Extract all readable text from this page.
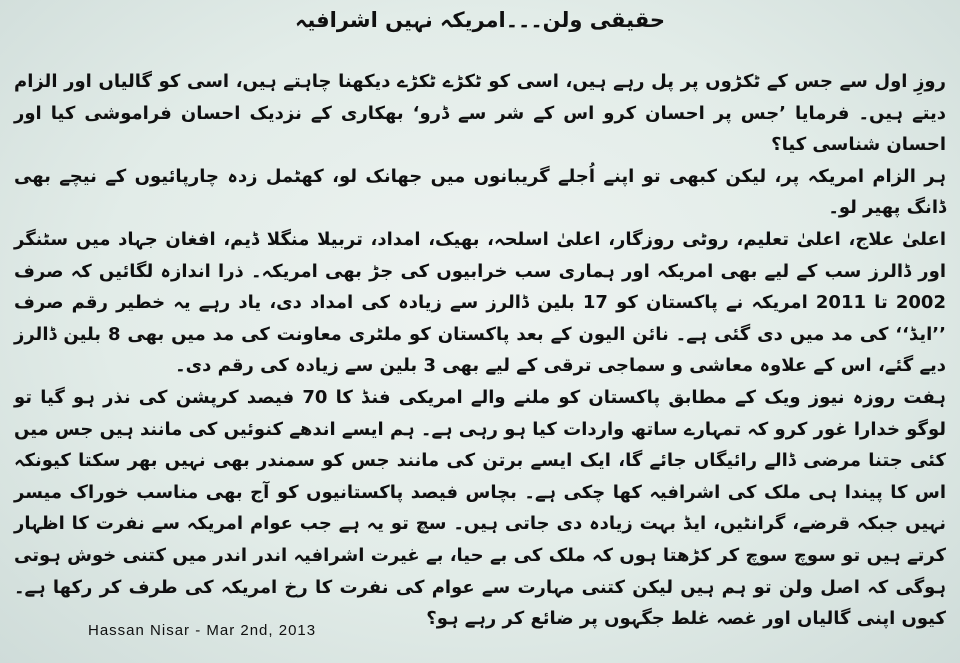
حقیقی ولن۔۔۔امریکہ نہیں اشرافیہ

روزِ اول سے جس کے ٹکڑوں پر پل رہے ہیں، اسی کو ٹکڑے ٹکڑے دیکھنا چاہتے ہیں، اسی کو گالیاں اور الزام دیتے ہیں۔ فرمایا ’جس پر احسان کرو اس کے شر سے ڈرو‘ بھکاری کے نزدیک احسان فراموشی کیا اور احسان شناسی کیا؟

ہر الزام امریکہ پر، لیکن کبھی تو اپنے اُجلے گریبانوں میں جھانک لو، کھٹمل زدہ چارپائیوں کے نیچے بھی ڈانگ پھیر لو۔

اعلیٰ علاج، اعلیٰ تعلیم، روٹی روزگار، اعلیٰ اسلحہ، بھیک، امداد، تربیلا منگلا ڈیم، افغان جہاد میں سٹنگر اور ڈالرز سب کے لیے بھی امریکہ اور ہماری سب خرابیوں کی جڑ بھی امریکہ۔ ذرا اندازہ لگائیں کہ صرف 2002 تا 2011 امریکہ نے پاکستان کو 17 بلین ڈالرز سے زیادہ کی امداد دی، یاد رہے یہ خطیر رقم صرف ’’ایڈ‘‘ کی مد میں دی گئی ہے۔ نائن الیون کے بعد پاکستان کو ملٹری معاونت کی مد میں بھی 8 بلین ڈالرز دیے گئے، اس کے علاوہ معاشی و سماجی ترقی کے لیے بھی 3 بلین سے زیادہ کی رقم دی۔

ہفت روزہ نیوز ویک کے مطابق پاکستان کو ملنے والے امریکی فنڈ کا 70 فیصد کرپشن کی نذر ہو گیا تو لوگو خدارا غور کرو کہ تمہارے ساتھ واردات کیا ہو رہی ہے۔ ہم ایسے اندھے کنوئیں کی مانند ہیں جس میں کئی جتنا مرضی ڈالے رائیگاں جائے گا، ایک ایسے برتن کی مانند جس کو سمندر بھی نہیں بھر سکتا کیونکہ اس کا پیندا ہی ملک کی اشرافیہ کھا چکی ہے۔ بچاس فیصد پاکستانیوں کو آج بھی مناسب خوراک میسر نہیں جبکہ قرضے، گرانٹیں، ایڈ بہت زیادہ دی جاتی ہیں۔ سچ تو یہ ہے جب عوام امریکہ سے نفرت کا اظہار کرتے ہیں تو سوچ سوچ کر کڑھتا ہوں کہ ملک کی بے حیا، بے غیرت اشرافیہ اندر اندر میں کتنی خوش ہوتی ہوگی کہ اصل ولن تو ہم ہیں لیکن کتنی مہارت سے عوام کی نفرت کا رخ امریکہ کی طرف کر رکھا ہے۔ کیوں اپنی گالیاں اور غصہ غلط جگہوں پر ضائع کر رہے ہو؟

Hassan Nisar - Mar 2nd, 2013
